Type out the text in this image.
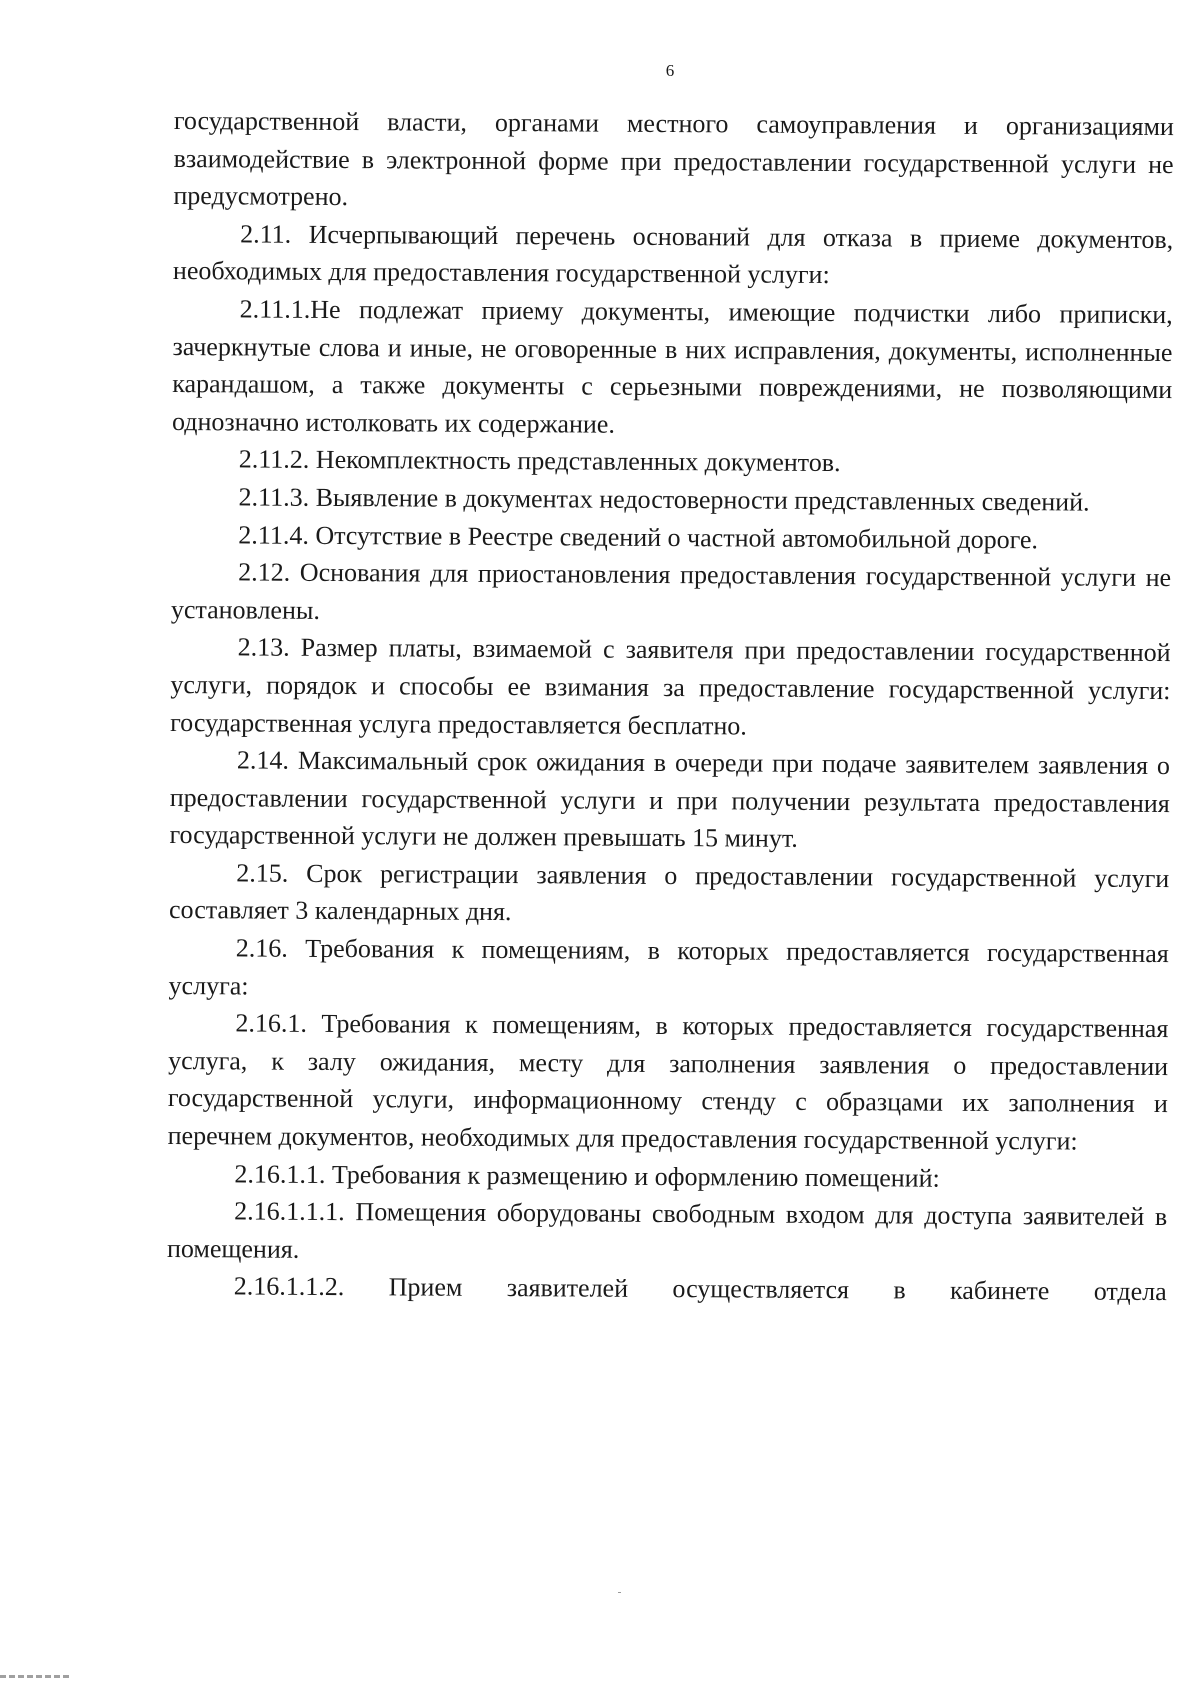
6

государственной власти, органами местного самоуправления и организациями взаимодействие в электронной форме при предоставлении государственной услуги не предусмотрено.

2.11. Исчерпывающий перечень оснований для отказа в приеме документов, необходимых для предоставления государственной услуги:

2.11.1.Не подлежат приему документы, имеющие подчистки либо приписки, зачеркнутые слова и иные, не оговоренные в них исправления, документы, исполненные карандашом, а также документы с серьезными повреждениями, не позволяющими однозначно истолковать их содержание.

2.11.2. Некомплектность представленных документов.

2.11.3. Выявление в документах недостоверности представленных сведений.

2.11.4. Отсутствие в Реестре сведений о частной автомобильной дороге.

2.12. Основания для приостановления предоставления государственной услуги не установлены.

2.13. Размер платы, взимаемой с заявителя при предоставлении государственной услуги, порядок и способы ее взимания за предоставление государственной услуги: государственная услуга предоставляется бесплатно.

2.14. Максимальный срок ожидания в очереди при подаче заявителем заявления о предоставлении государственной услуги и при получении результата предоставления государственной услуги не должен превышать 15 минут.

2.15. Срок регистрации заявления о предоставлении государственной услуги составляет 3 календарных дня.

2.16. Требования к помещениям, в которых предоставляется государственная услуга:

2.16.1. Требования к помещениям, в которых предоставляется государственная услуга, к залу ожидания, месту для заполнения заявления о предоставлении государственной услуги, информационному стенду с образцами их заполнения и перечнем документов, необходимых для предоставления государственной услуги:

2.16.1.1. Требования к размещению и оформлению помещений:

2.16.1.1.1. Помещения оборудованы свободным входом для доступа заявителей в помещения.

2.16.1.1.2. Прием заявителей осуществляется в кабинете отдела
